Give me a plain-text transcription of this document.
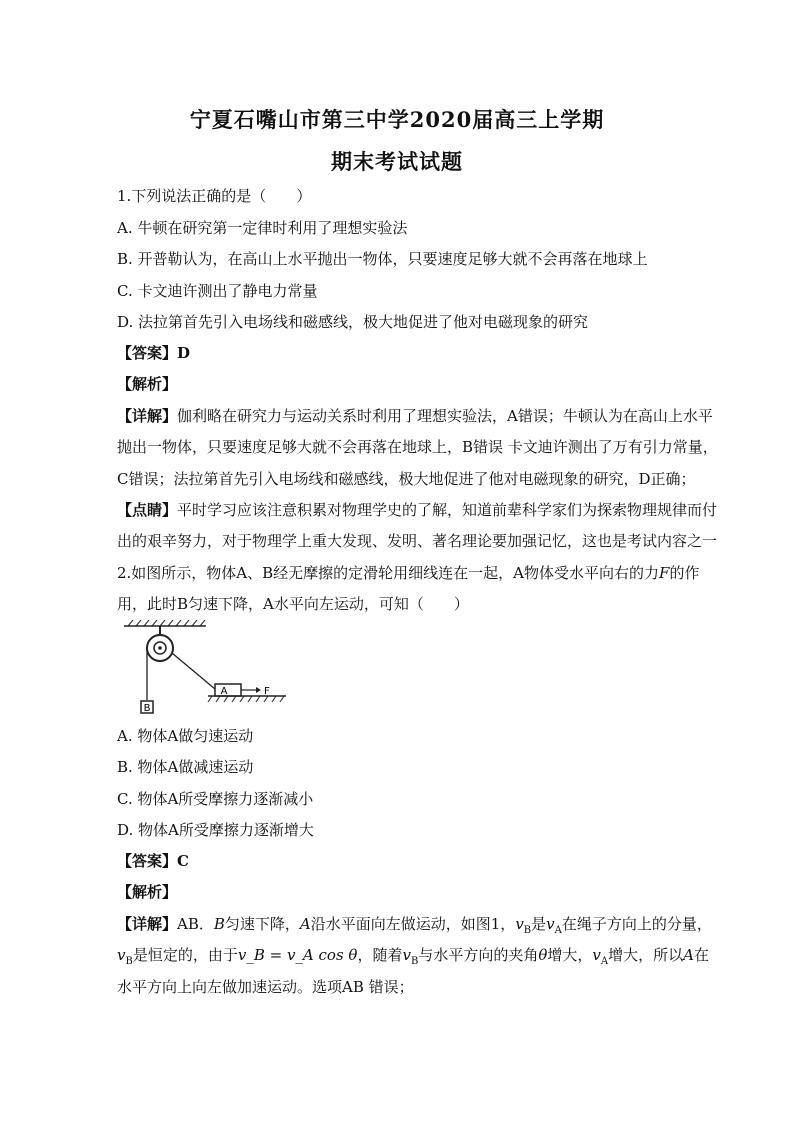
宁夏石嘴山市第三中学2020届高三上学期
期末考试试题
1.下列说法正确的是（　　）
A. 牛顿在研究第一定律时利用了理想实验法
B. 开普勒认为，在高山上水平抛出一物体，只要速度足够大就不会再落在地球上
C. 卡文迪许测出了静电力常量
D. 法拉第首先引入电场线和磁感线，极大地促进了他对电磁现象的研究
【答案】D
【解析】
【详解】伽利略在研究力与运动关系时利用了理想实验法，A错误；牛顿认为在高山上水平
抛出一物体，只要速度足够大就不会再落在地球上，B错误 卡文迪许测出了万有引力常量，
C错误；法拉第首先引入电场线和磁感线，极大地促进了他对电磁现象的研究，D正确；
【点睛】平时学习应该注意积累对物理学史的了解，知道前辈科学家们为探索物理规律而付
出的艰辛努力，对于物理学上重大发现、发明、著名理论要加强记忆，这也是考试内容之一
2.如图所示，物体A、B经无摩擦的定滑轮用细线连在一起，A物体受水平向右的力F的作
用，此时B匀速下降，A水平向左运动，可知（　　）
B
A	F
A. 物体A做匀速运动
B. 物体A做减速运动
C. 物体A所受摩擦力逐渐减小
D. 物体A所受摩擦力逐渐增大
【答案】C
【解析】
【详解】AB．B匀速下降，A沿水平面向左做运动，如图1，$v_B$是$v_A$在绳子方向上的分量，
$v_B$是恒定的，由于v_B = v_A cos θ，随着$v_B$与水平方向的夹角θ增大，$v_A$增大，所以A在
水平方向上向左做加速运动。选项AB 错误；
